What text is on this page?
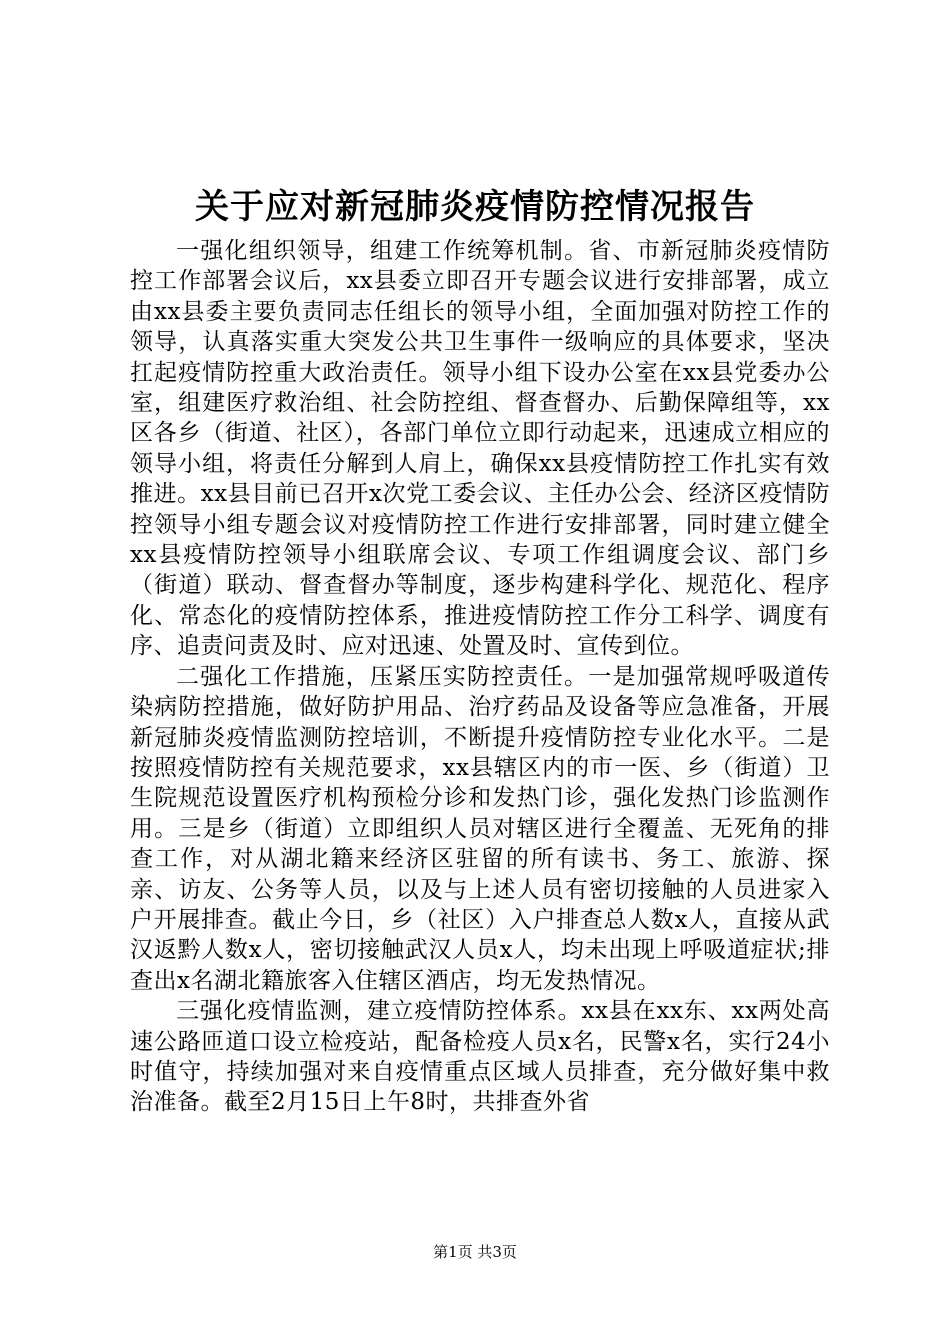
关于应对新冠肺炎疫情防控情况报告

一强化组织领导，组建工作统筹机制。省、市新冠肺炎疫情防控工作部署会议后，xx县委立即召开专题会议进行安排部署，成立由xx县委主要负责同志任组长的领导小组，全面加强对防控工作的领导，认真落实重大突发公共卫生事件一级响应的具体要求，坚决扛起疫情防控重大政治责任。领导小组下设办公室在xx县党委办公室，组建医疗救治组、社会防控组、督查督办、后勤保障组等，xx区各乡（街道、社区），各部门单位立即行动起来，迅速成立相应的领导小组，将责任分解到人肩上，确保xx县疫情防控工作扎实有效推进。xx县目前已召开x次党工委会议、主任办公会、经济区疫情防控领导小组专题会议对疫情防控工作进行安排部署，同时建立健全xx县疫情防控领导小组联席会议、专项工作组调度会议、部门乡（街道）联动、督查督办等制度，逐步构建科学化、规范化、程序化、常态化的疫情防控体系，推进疫情防控工作分工科学、调度有序、追责问责及时、应对迅速、处置及时、宣传到位。

二强化工作措施，压紧压实防控责任。一是加强常规呼吸道传染病防控措施，做好防护用品、治疗药品及设备等应急准备，开展新冠肺炎疫情监测防控培训，不断提升疫情防控专业化水平。二是按照疫情防控有关规范要求，xx县辖区内的市一医、乡（街道）卫生院规范设置医疗机构预检分诊和发热门诊，强化发热门诊监测作用。三是乡（街道）立即组织人员对辖区进行全覆盖、无死角的排查工作，对从湖北籍来经济区驻留的所有读书、务工、旅游、探亲、访友、公务等人员，以及与上述人员有密切接触的人员进家入户开展排查。截止今日，乡（社区）入户排查总人数x人，直接从武汉返黔人数x人，密切接触武汉人员x人，均未出现上呼吸道症状;排查出x名湖北籍旅客入住辖区酒店，均无发热情况。

三强化疫情监测，建立疫情防控体系。xx县在xx东、xx两处高速公路匝道口设立检疫站，配备检疫人员x名，民警x名，实行24小时值守，持续加强对来自疫情重点区域人员排查，充分做好集中救治准备。截至2月15日上午8时，共排查外省

第1页 共3页
